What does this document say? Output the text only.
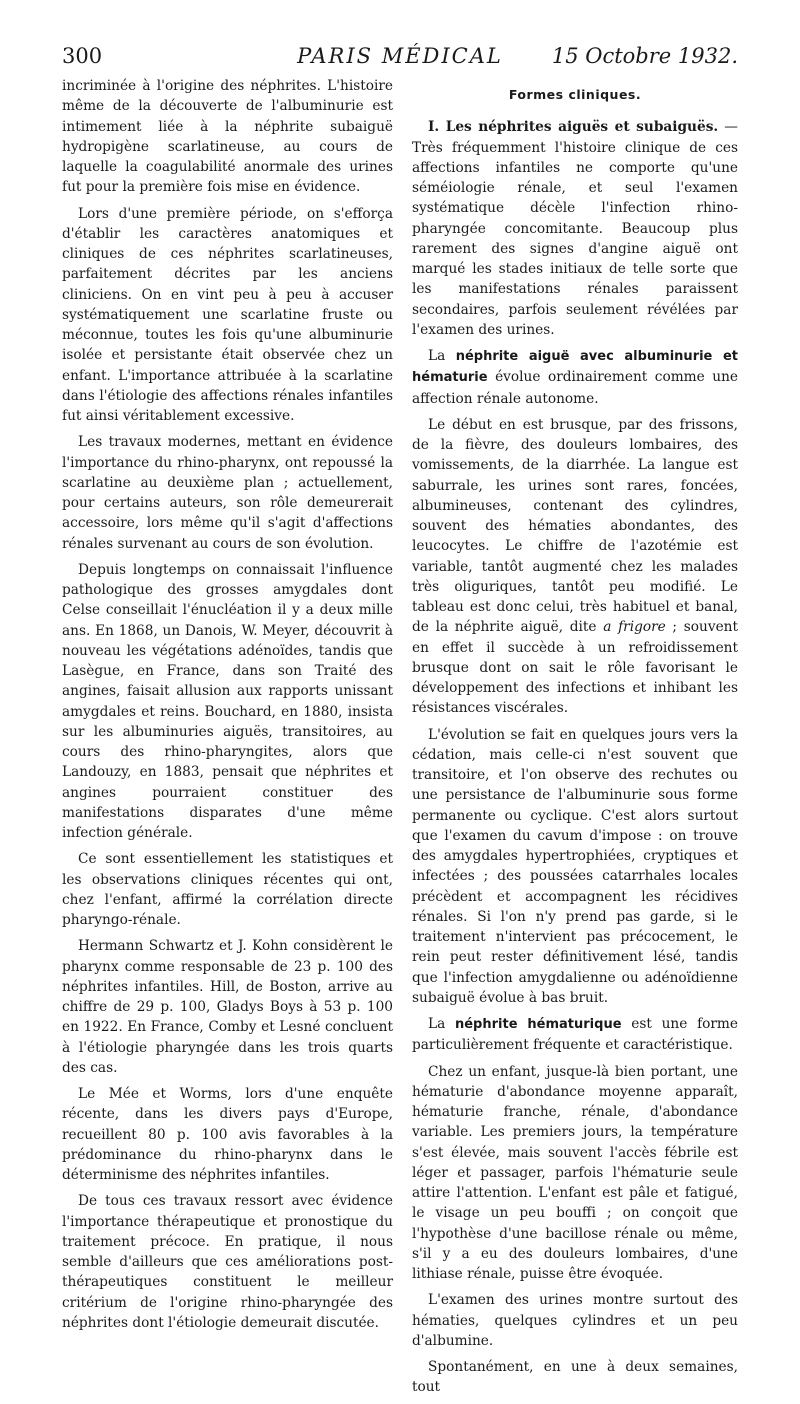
300	PARIS MÉDICAL	15 Octobre 1932.

incriminée à l'origine des néphrites. L'histoire même de la découverte de l'albuminurie est intimement liée à la néphrite subaiguë hydropigène scarlatineuse, au cours de laquelle la coagulabilité anormale des urines fut pour la première fois mise en évidence.

Lors d'une première période, on s'efforça d'établir les caractères anatomiques et cliniques de ces néphrites scarlatineuses, parfaitement décrites par les anciens cliniciens. On en vint peu à peu à accuser systématiquement une scarlatine fruste ou méconnue, toutes les fois qu'une albuminurie isolée et persistante était observée chez un enfant. L'importance attribuée à la scarlatine dans l'étiologie des affections rénales infantiles fut ainsi véritablement excessive.

Les travaux modernes, mettant en évidence l'importance du rhino-pharynx, ont repoussé la scarlatine au deuxième plan ; actuellement, pour certains auteurs, son rôle demeurerait accessoire, lors même qu'il s'agit d'affections rénales survenant au cours de son évolution.

Depuis longtemps on connaissait l'influence pathologique des grosses amygdales dont Celse conseillait l'énucléation il y a deux mille ans. En 1868, un Danois, W. Meyer, découvrit à nouveau les végétations adénoïdes, tandis que Lasègue, en France, dans son Traité des angines, faisait allusion aux rapports unissant amygdales et reins. Bouchard, en 1880, insista sur les albuminuries aiguës, transitoires, au cours des rhino-pharyngites, alors que Landouzy, en 1883, pensait que néphrites et angines pourraient constituer des manifestations disparates d'une même infection générale.

Ce sont essentiellement les statistiques et les observations cliniques récentes qui ont, chez l'enfant, affirmé la corrélation directe pharyngo-rénale.

Hermann Schwartz et J. Kohn considèrent le pharynx comme responsable de 23 p. 100 des néphrites infantiles. Hill, de Boston, arrive au chiffre de 29 p. 100, Gladys Boys à 53 p. 100 en 1922. En France, Comby et Lesné concluent à l'étiologie pharyngée dans les trois quarts des cas.

Le Mée et Worms, lors d'une enquête récente, dans les divers pays d'Europe, recueillent 80 p. 100 avis favorables à la prédominance du rhino-pharynx dans le déterminisme des néphrites infantiles.

De tous ces travaux ressort avec évidence l'importance thérapeutique et pronostique du traitement précoce. En pratique, il nous semble d'ailleurs que ces améliorations post-thérapeutiques constituent le meilleur critérium de l'origine rhino-pharyngée des néphrites dont l'étiologie demeurait discutée.

Formes cliniques.

I. Les néphrites aiguës et subaiguës. — Très fréquemment l'histoire clinique de ces affections infantiles ne comporte qu'une séméiologie rénale, et seul l'examen systématique décèle l'infection rhino-pharyngée concomitante. Beaucoup plus rarement des signes d'angine aiguë ont marqué les stades initiaux de telle sorte que les manifestations rénales paraissent secondaires, parfois seulement révélées par l'examen des urines.

La néphrite aiguë avec albuminurie et hématurie évolue ordinairement comme une affection rénale autonome.

Le début en est brusque, par des frissons, de la fièvre, des douleurs lombaires, des vomissements, de la diarrhée. La langue est saburrale, les urines sont rares, foncées, albumineuses, contenant des cylindres, souvent des hématies abondantes, des leucocytes. Le chiffre de l'azotémie est variable, tantôt augmenté chez les malades très oliguriques, tantôt peu modifié. Le tableau est donc celui, très habituel et banal, de la néphrite aiguë, dite a frigore ; souvent en effet il succède à un refroidissement brusque dont on sait le rôle favorisant le développement des infections et inhibant les résistances viscérales.

L'évolution se fait en quelques jours vers la cédation, mais celle-ci n'est souvent que transitoire, et l'on observe des rechutes ou une persistance de l'albuminurie sous forme permanente ou cyclique. C'est alors surtout que l'examen du cavum d'impose : on trouve des amygdales hypertrophiées, cryptiques et infectées ; des poussées catarrhales locales précèdent et accompagnent les récidives rénales. Si l'on n'y prend pas garde, si le traitement n'intervient pas précocement, le rein peut rester définitivement lésé, tandis que l'infection amygdalienne ou adénoïdienne subaiguë évolue à bas bruit.

La néphrite hématurique est une forme particulièrement fréquente et caractéristique.

Chez un enfant, jusque-là bien portant, une hématurie d'abondance moyenne apparaît, hématurie franche, rénale, d'abondance variable. Les premiers jours, la température s'est élevée, mais souvent l'accès fébrile est léger et passager, parfois l'hématurie seule attire l'attention. L'enfant est pâle et fatigué, le visage un peu bouffi ; on conçoit que l'hypothèse d'une bacillose rénale ou même, s'il y a eu des douleurs lombaires, d'une lithiase rénale, puisse être évoquée.

L'examen des urines montre surtout des hématies, quelques cylindres et un peu d'albumine.

Spontanément, en une à deux semaines, tout
